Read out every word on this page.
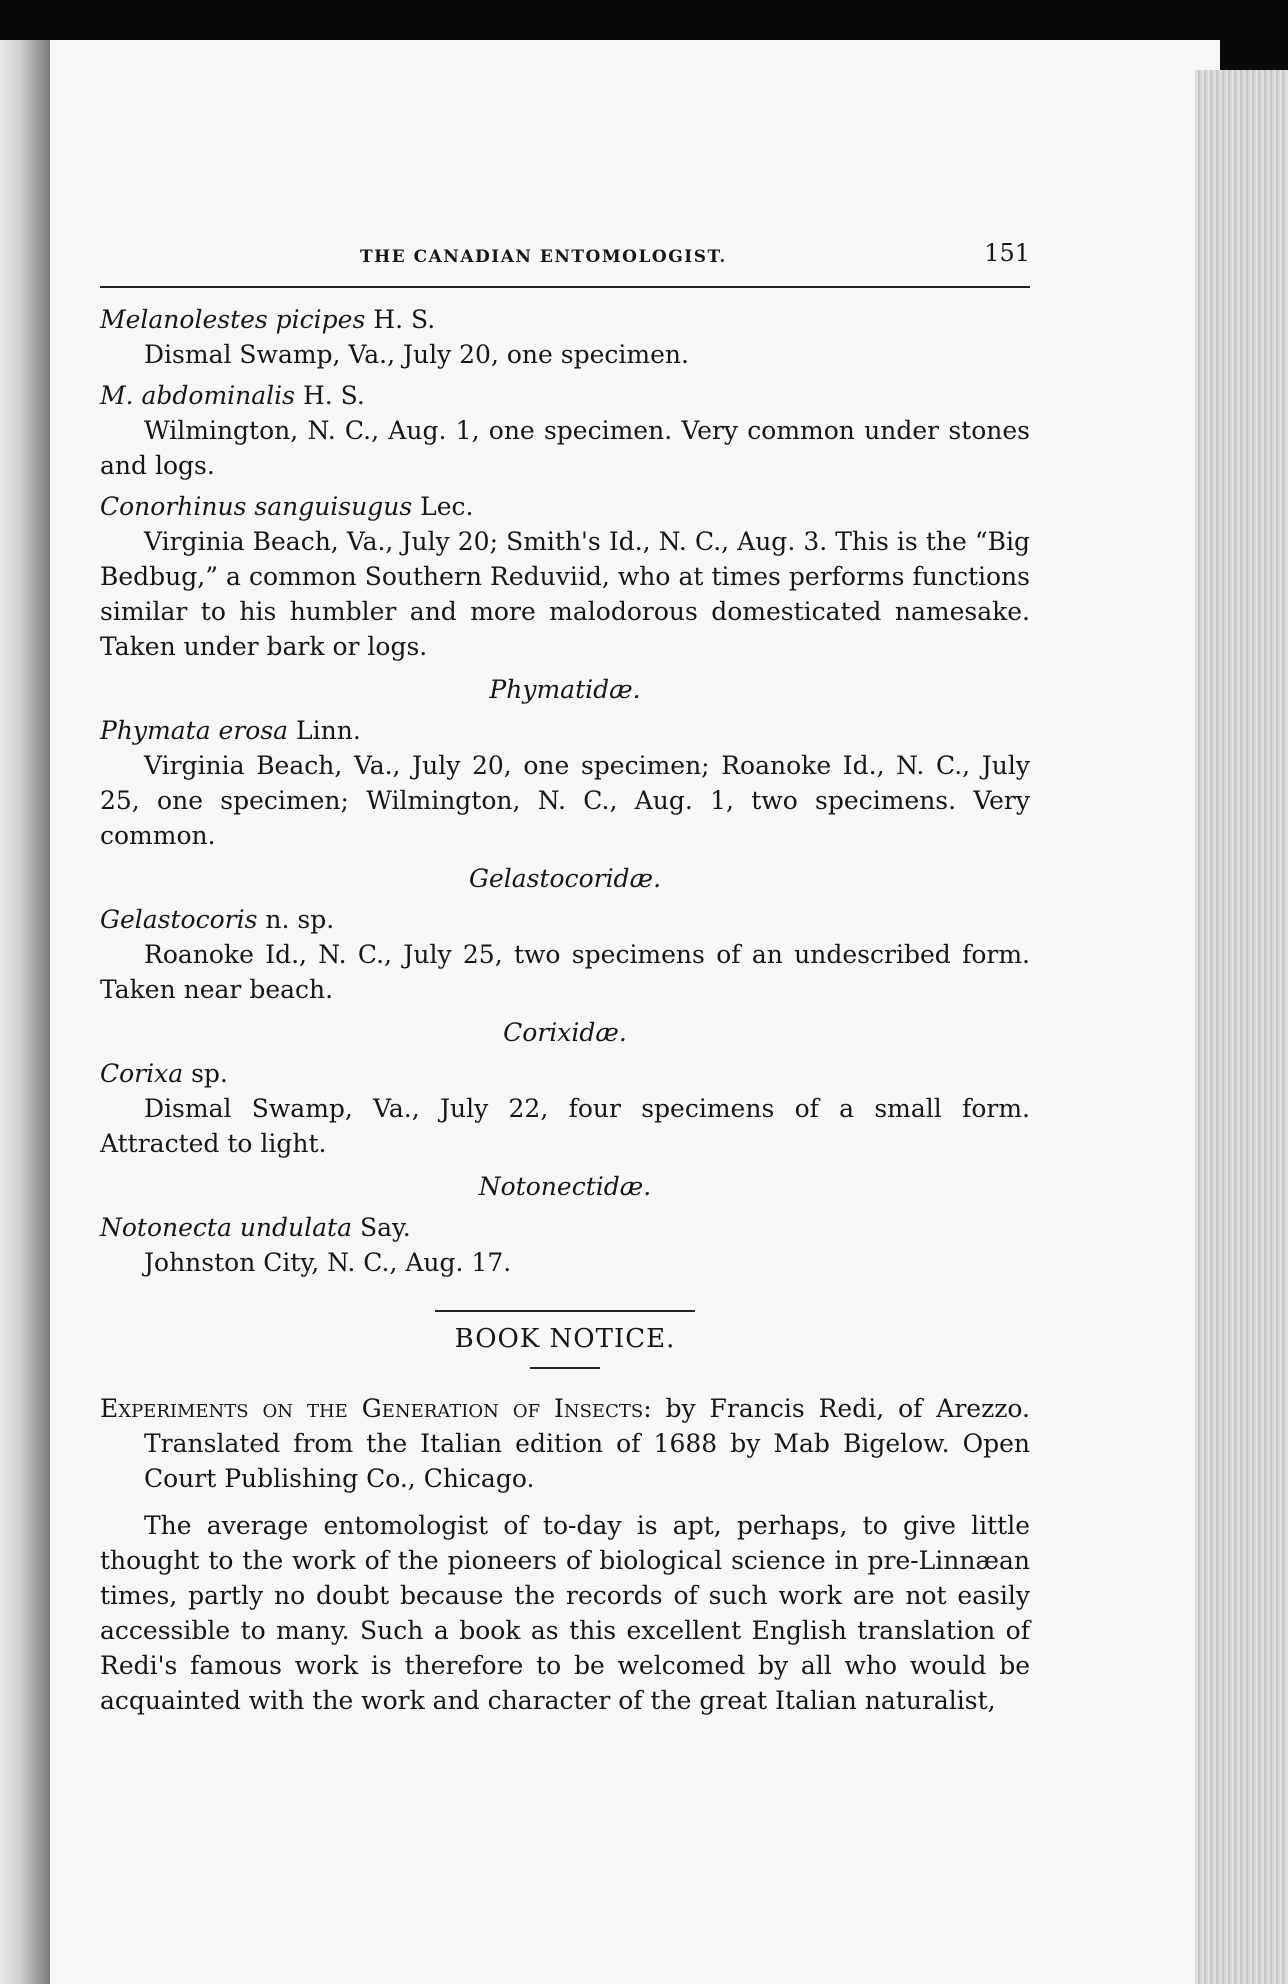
THE CANADIAN ENTOMOLOGIST.	151

Melanolestes picipes H. S.

Dismal Swamp, Va., July 20, one specimen.

M. abdominalis H. S.

Wilmington, N. C., Aug. 1, one specimen. Very common under stones and logs.

Conorhinus sanguisugus Lec.

Virginia Beach, Va., July 20; Smith's Id., N. C., Aug. 3. This is the “Big Bedbug,” a common Southern Reduviid, who at times performs functions similar to his humbler and more malodorous domesticated namesake. Taken under bark or logs.

Phymatidæ.

Phymata erosa Linn.

Virginia Beach, Va., July 20, one specimen; Roanoke Id., N. C., July 25, one specimen; Wilmington, N. C., Aug. 1, two specimens. Very common.

Gelastocoridæ.

Gelastocoris n. sp.

Roanoke Id., N. C., July 25, two specimens of an undescribed form. Taken near beach.

Corixidæ.

Corixa sp.

Dismal Swamp, Va., July 22, four specimens of a small form. Attracted to light.

Notonectidæ.

Notonecta undulata Say.

Johnston City, N. C., Aug. 17.

BOOK NOTICE.

Experiments on the Generation of Insects: by Francis Redi, of Arezzo. Translated from the Italian edition of 1688 by Mab Bigelow. Open Court Publishing Co., Chicago.

The average entomologist of to-day is apt, perhaps, to give little thought to the work of the pioneers of biological science in pre-Linnæan times, partly no doubt because the records of such work are not easily accessible to many. Such a book as this excellent English translation of Redi's famous work is therefore to be welcomed by all who would be acquainted with the work and character of the great Italian naturalist,
